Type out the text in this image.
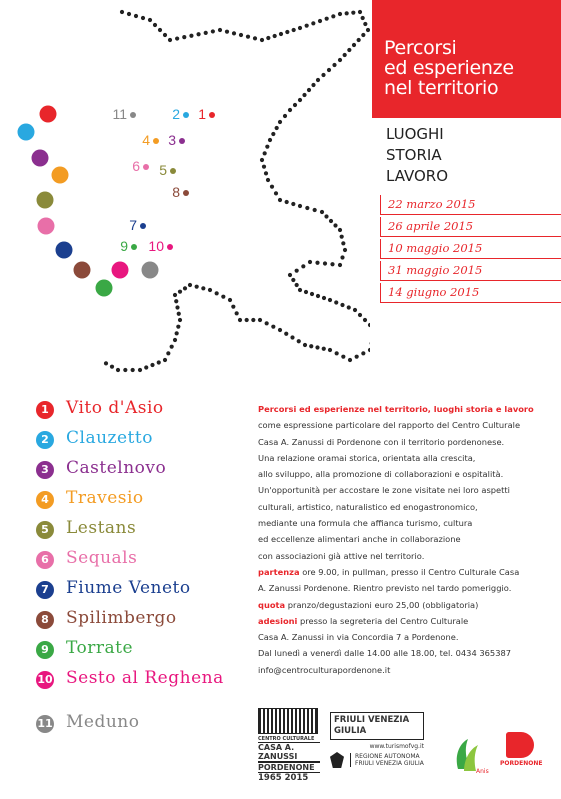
11	2 1
4 3
6 5
8
7
9 10
Percorsi
ed esperienze
nel territorio
LUOGHI
STORIA
LAVORO
22 marzo 2015
26 aprile 2015
10 maggio 2015
31 maggio 2015
14 giugno 2015
1	Vito d'Asio
2	Clauzetto
3	Castelnovo
4	Travesio
5	Lestans
6	Sequals
7	Fiume Veneto
8	Spilimbergo
9	Torrate
10 Sesto al Reghena
11 Meduno

Percorsi ed esperienze nel territorio, luoghi storia e lavoro

come espressione particolare del rapporto del Centro Culturale

Casa A. Zanussi di Pordenone con il territorio pordenonese.

Una relazione oramai storica, orientata alla crescita,

allo sviluppo, alla promozione di collaborazioni e ospitalità.

Un'opportunità per accostare le zone visitate nei loro aspetti

culturali, artistico, naturalistico ed enogastronomico,

mediante una formula che affianca turismo, cultura

ed eccellenze alimentari anche in collaborazione

con associazioni già attive nel territorio.

partenza ore 9.00, in pullman, presso il Centro Culturale Casa

A. Zanussi Pordenone. Rientro previsto nel tardo pomeriggio.

quota pranzo/degustazioni euro 25,00 (obbligatoria)

adesioni presso la segreteria del Centro Culturale

Casa A. Zanussi in via Concordia 7 a Pordenone.

Dal lunedì a venerdì dalle 14.00 alle 18.00, tel. 0434 365387

info@centroculturapordenone.it

CENTRO CULTURALE
CASA A. ZANUSSI
PORDENONE
1965 2015
FRIULI VENEZIA GIULIA
www.turismofvg.it
REGIONE AUTONOMA
FRIULI VENEZIA GIULIA
Anis
PORDENONE
